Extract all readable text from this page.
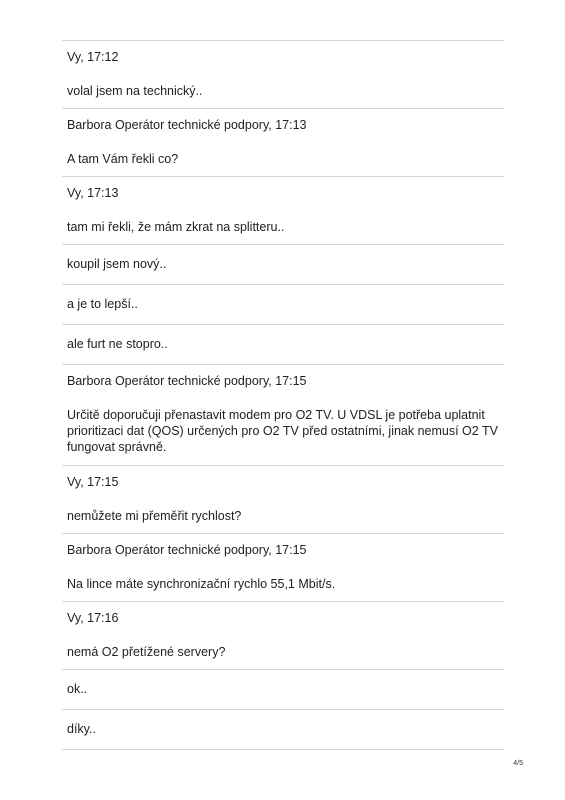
Vy, 17:12
volal jsem na technický..
Barbora Operátor technické podpory, 17:13
A tam Vám řekli co?
Vy, 17:13
tam mi řekli, že mám zkrat na splitteru..
koupil jsem nový..
a je to lepší..
ale furt ne stopro..
Barbora Operátor technické podpory, 17:15
Určitě doporučuji přenastavit modem pro O2 TV. U VDSL je potřeba uplatnit prioritizaci dat (QOS) určených pro O2 TV před ostatními, jinak nemusí O2 TV fungovat správně.
Vy, 17:15
nemůžete mi přeměřit rychlost?
Barbora Operátor technické podpory, 17:15
Na lince máte synchronizační rychlo 55,1 Mbit/s.
Vy, 17:16
nemá O2 přetížené servery?
ok..
díky..
4/5
